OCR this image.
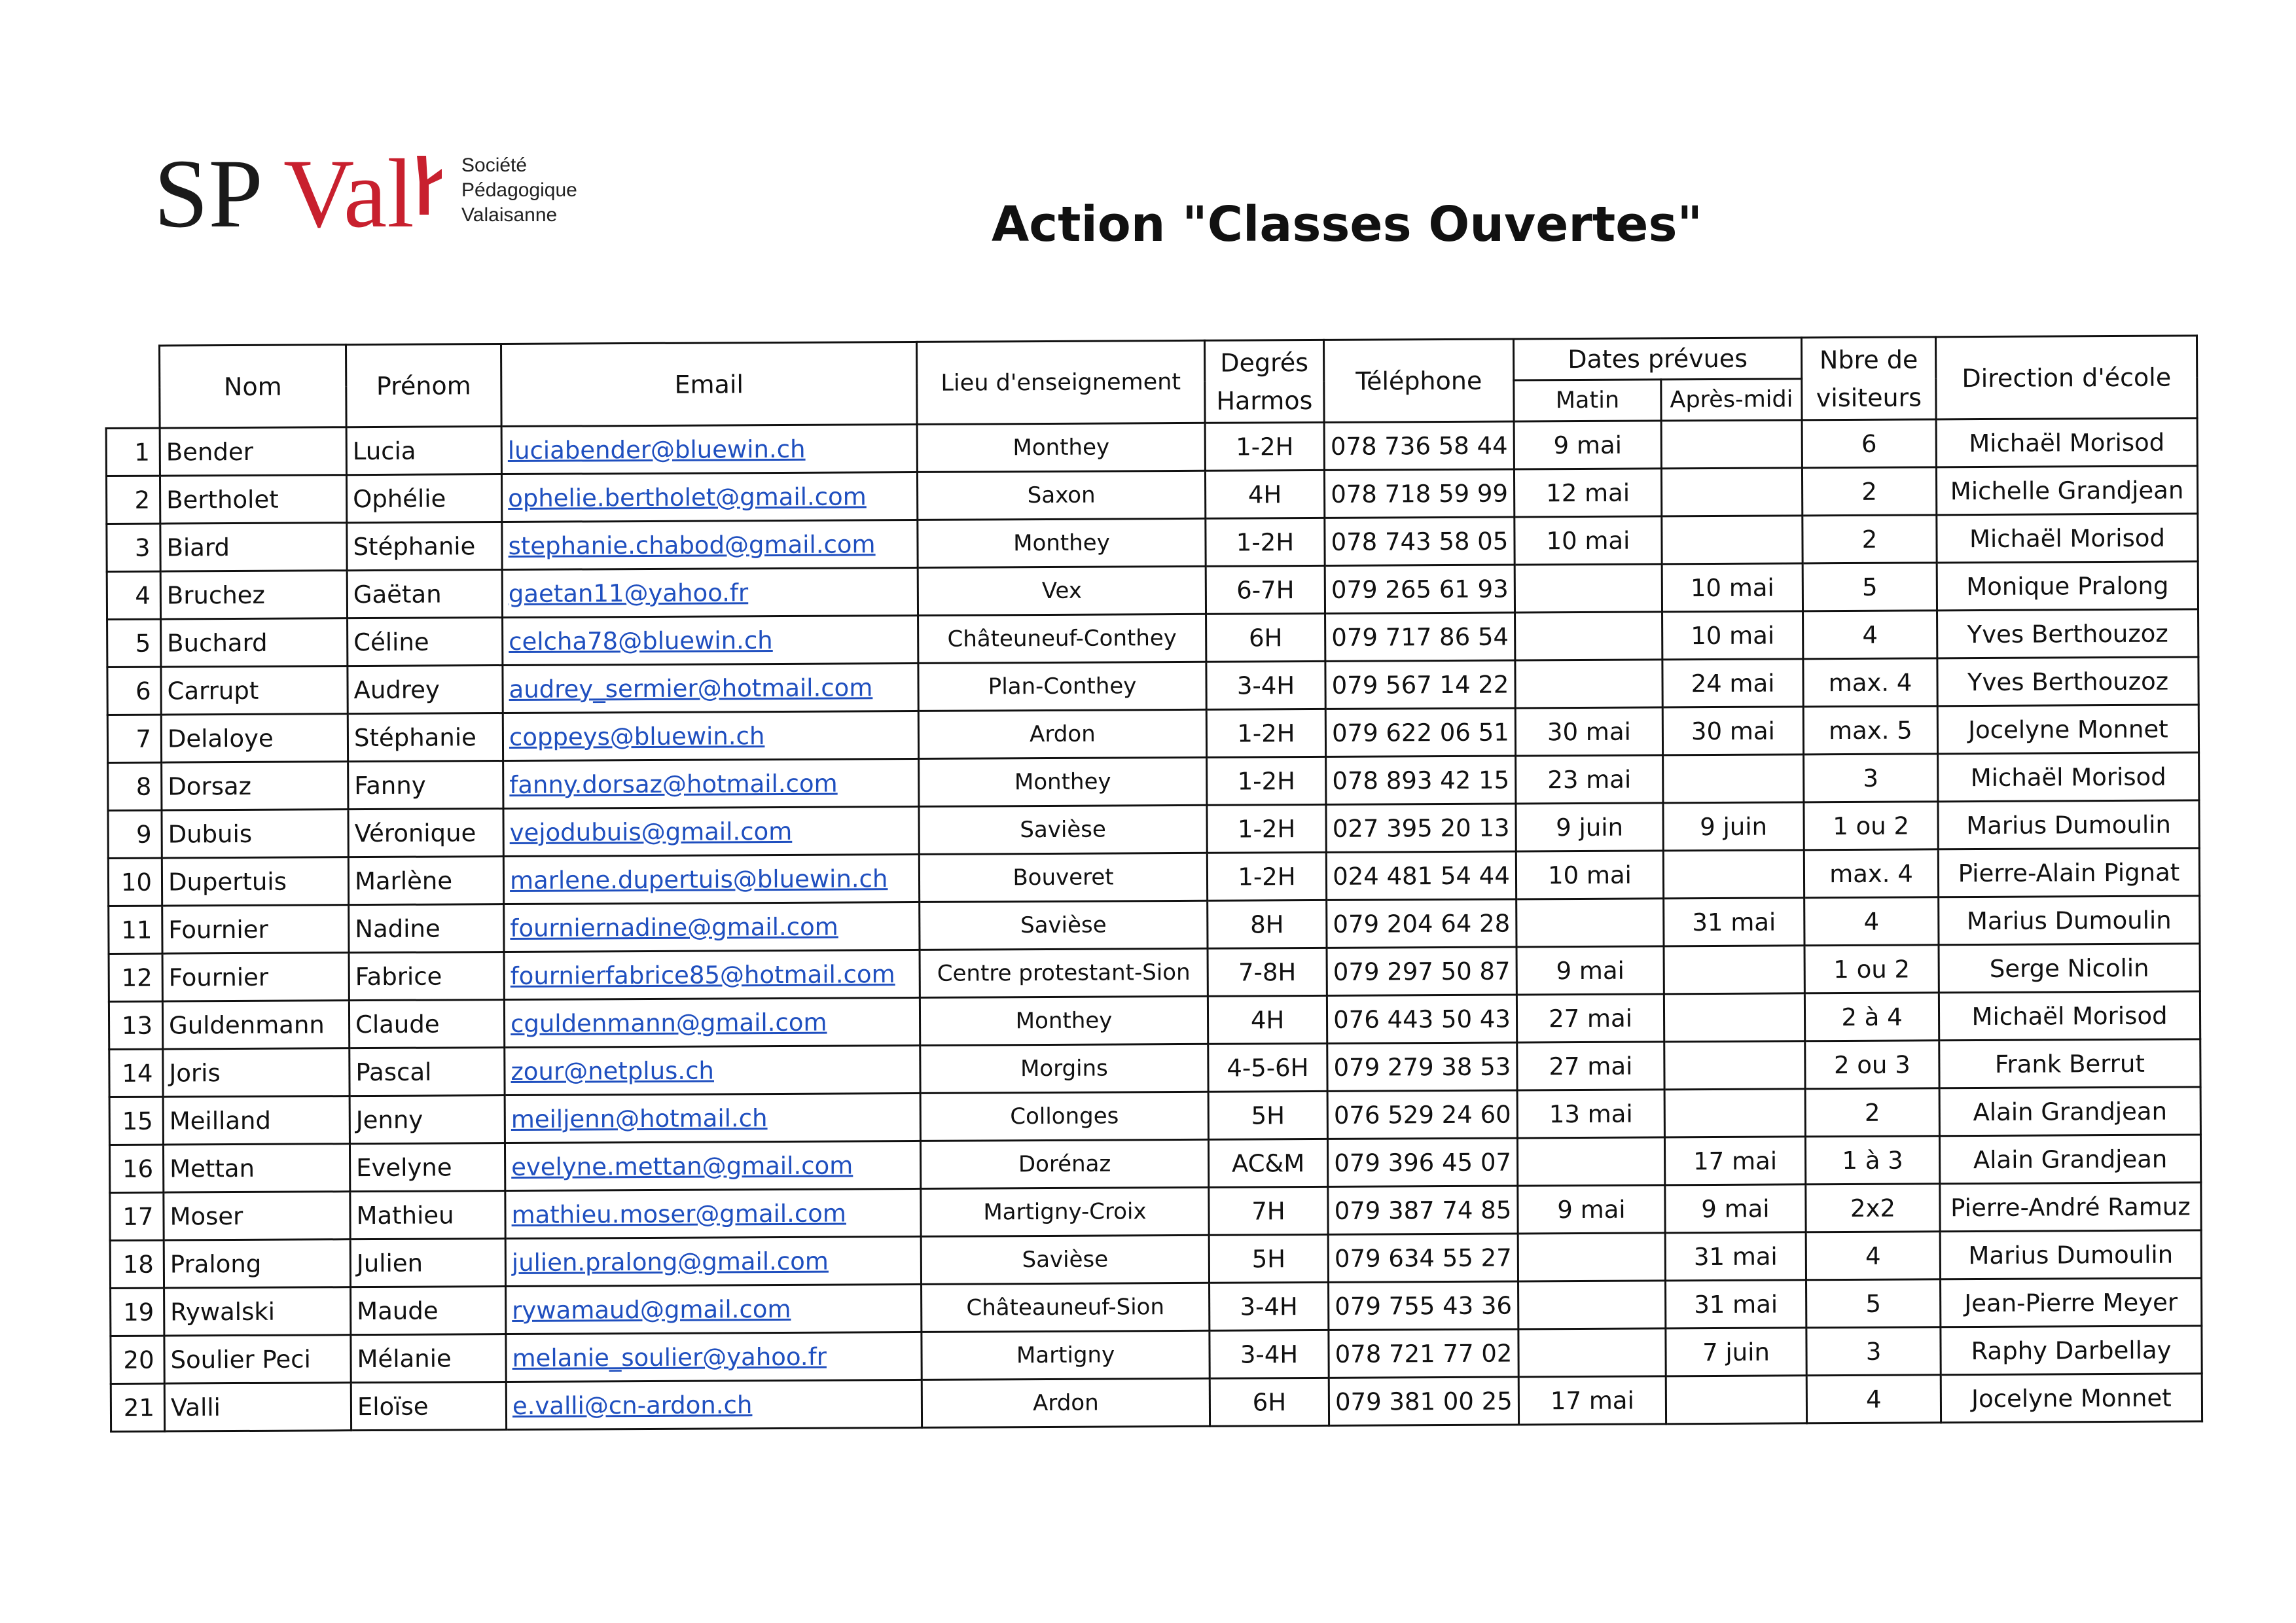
SP Val Société
Pédagogique
Valaisanne	Action "Classes Ouvertes"
	Nom	Prénom	Email	Lieu d'enseignement	Degrés Harmos	Téléphone	Dates prévues		Nbre de visiteurs	Direction d'école
							Matin	Après-midi		
1	Bender	Lucia	luciabender@bluewin.ch	Monthey	1-2H	078 736 58 44	9 mai		6	Michaël Morisod
2	Bertholet	Ophélie	ophelie.bertholet@gmail.com	Saxon	4H	078 718 59 99	12 mai		2	Michelle Grandjean
3	Biard	Stéphanie	stephanie.chabod@gmail.com	Monthey	1-2H	078 743 58 05	10 mai		2	Michaël Morisod
4	Bruchez	Gaëtan	gaetan11@yahoo.fr	Vex	6-7H	079 265 61 93		10 mai	5	Monique Pralong
5	Buchard	Céline	celcha78@bluewin.ch	Châteuneuf-Conthey	6H	079 717 86 54		10 mai	4	Yves Berthouzoz
6	Carrupt	Audrey	audrey_sermier@hotmail.com	Plan-Conthey	3-4H	079 567 14 22		24 mai	max. 4	Yves Berthouzoz
7	Delaloye	Stéphanie	coppeys@bluewin.ch	Ardon	1-2H	079 622 06 51	30 mai	30 mai	max. 5	Jocelyne Monnet
8	Dorsaz	Fanny	fanny.dorsaz@hotmail.com	Monthey	1-2H	078 893 42 15	23 mai		3	Michaël Morisod
9	Dubuis	Véronique	vejodubuis@gmail.com	Savièse	1-2H	027 395 20 13	9 juin	9 juin	1 ou 2	Marius Dumoulin
10	Dupertuis	Marlène	marlene.dupertuis@bluewin.ch	Bouveret	1-2H	024 481 54 44	10 mai		max. 4	Pierre-Alain Pignat
11	Fournier	Nadine	fourniernadine@gmail.com	Savièse	8H	079 204 64 28		31 mai	4	Marius Dumoulin
12	Fournier	Fabrice	fournierfabrice85@hotmail.com	Centre protestant-Sion	7-8H	079 297 50 87	9 mai		1 ou 2	Serge Nicolin
13	Guldenmann	Claude	cguldenmann@gmail.com	Monthey	4H	076 443 50 43	27 mai		2 à 4	Michaël Morisod
14	Joris	Pascal	zour@netplus.ch	Morgins	4-5-6H	079 279 38 53	27 mai		2 ou 3	Frank Berrut
15	Meilland	Jenny	meiljenn@hotmail.ch	Collonges	5H	076 529 24 60	13 mai		2	Alain Grandjean
16	Mettan	Evelyne	evelyne.mettan@gmail.com	Dorénaz	AC&M	079 396 45 07		17 mai	1 à 3	Alain Grandjean
17	Moser	Mathieu	mathieu.moser@gmail.com	Martigny-Croix	7H	079 387 74 85	9 mai	9 mai	2x2	Pierre-André Ramuz
18	Pralong	Julien	julien.pralong@gmail.com	Savièse	5H	079 634 55 27		31 mai	4	Marius Dumoulin
19	Rywalski	Maude	rywamaud@gmail.com	Châteauneuf-Sion	3-4H	079 755 43 36		31 mai	5	Jean-Pierre Meyer
20	Soulier Peci	Mélanie	melanie_soulier@yahoo.fr	Martigny	3-4H	078 721 77 02		7 juin	3	Raphy Darbellay
21	Valli	Eloïse	e.valli@cn-ardon.ch	Ardon	6H	079 381 00 25	17 mai		4	Jocelyne Monnet
